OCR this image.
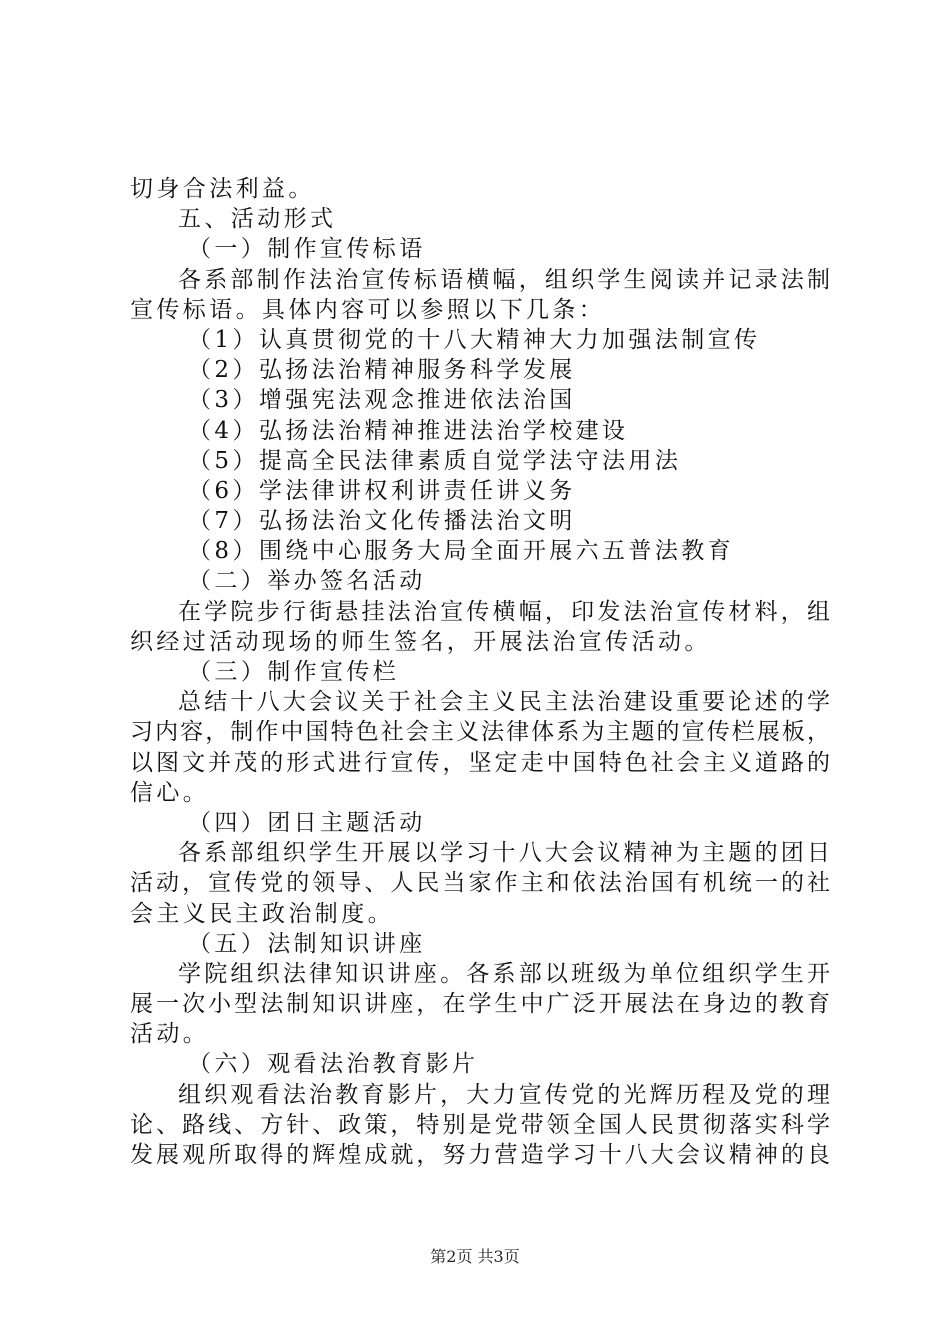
切身合法利益。
五、活动形式
（一）制作宣传标语
各系部制作法治宣传标语横幅，组织学生阅读并记录法制
宣传标语。具体内容可以参照以下几条：
（1）认真贯彻党的十八大精神大力加强法制宣传
（2）弘扬法治精神服务科学发展
（3）增强宪法观念推进依法治国
（4）弘扬法治精神推进法治学校建设
（5）提高全民法律素质自觉学法守法用法
（6）学法律讲权利讲责任讲义务
（7）弘扬法治文化传播法治文明
（8）围绕中心服务大局全面开展六五普法教育
（二）举办签名活动
在学院步行街悬挂法治宣传横幅，印发法治宣传材料，组
织经过活动现场的师生签名，开展法治宣传活动。
（三）制作宣传栏
总结十八大会议关于社会主义民主法治建设重要论述的学
习内容，制作中国特色社会主义法律体系为主题的宣传栏展板，
以图文并茂的形式进行宣传，坚定走中国特色社会主义道路的
信心。
（四）团日主题活动
各系部组织学生开展以学习十八大会议精神为主题的团日
活动，宣传党的领导、人民当家作主和依法治国有机统一的社
会主义民主政治制度。
（五）法制知识讲座
学院组织法律知识讲座。各系部以班级为单位组织学生开
展一次小型法制知识讲座，在学生中广泛开展法在身边的教育
活动。
（六）观看法治教育影片
组织观看法治教育影片，大力宣传党的光辉历程及党的理
论、路线、方针、政策，特别是党带领全国人民贯彻落实科学
发展观所取得的辉煌成就，努力营造学习十八大会议精神的良
第2页 共3页
